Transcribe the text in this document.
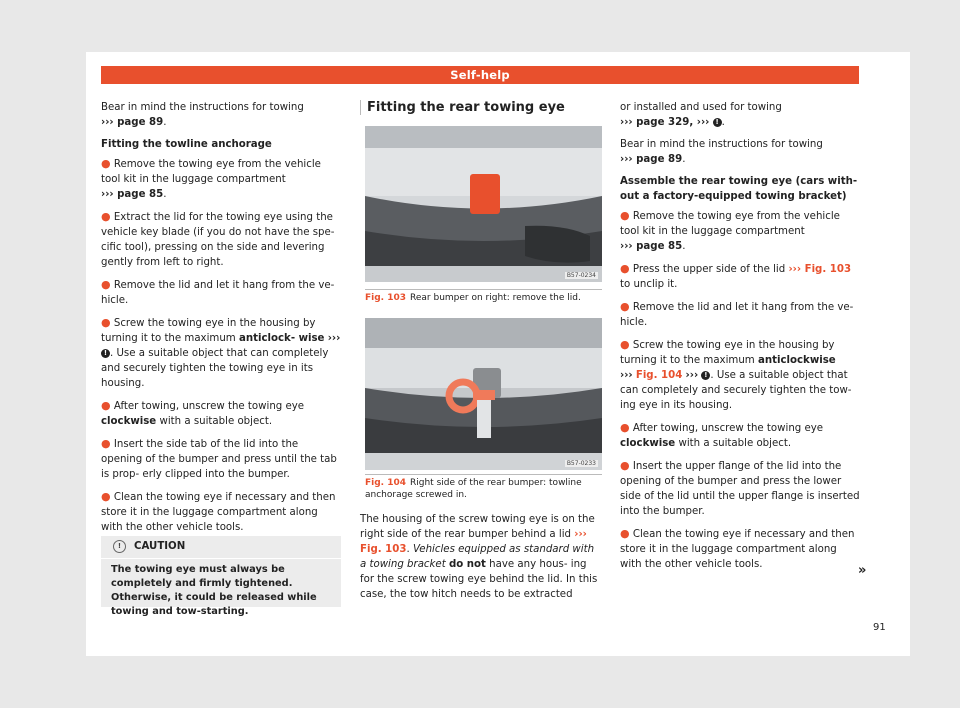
Self-help

Bear in mind the instructions for towing
››› page 89.

Fitting the towline anchorage

● Remove the towing eye from the vehicle tool kit in the luggage compartment
››› page 85.

● Extract the lid for the towing eye using the vehicle key blade (if you do not have the spe- cific tool), pressing on the side and levering gently from left to right.

● Remove the lid and let it hang from the ve- hicle.

● Screw the towing eye in the housing by turning it to the maximum anticlock- wise ››› ! . Use a suitable object that can completely and securely tighten the towing eye in its housing.

● After towing, unscrew the towing eye clockwise with a suitable object.

● Insert the side tab of the lid into the opening of the bumper and press until the tab is prop- erly clipped into the bumper.

● Clean the towing eye if necessary and then store it in the luggage compartment along with the other vehicle tools.

! CAUTION
The towing eye must always be completely and firmly tightened. Otherwise, it could be released while towing and tow-starting.
Fitting the rear towing eye
B57-0234
Fig. 103 Rear bumper on right: remove the lid.
B57-0233
Fig. 104 Right side of the rear bumper: towline anchorage screwed in.

The housing of the screw towing eye is on the right side of the rear bumper behind a lid ››› Fig. 103. Vehicles equipped as standard with a towing bracket do not have any hous- ing for the screw towing eye behind the lid. In this case, the tow hitch needs to be extracted

or installed and used for towing
››› page 329, ››› ! .

Bear in mind the instructions for towing
››› page 89.

Assemble the rear towing eye (cars with- out a factory-equipped towing bracket)

● Remove the towing eye from the vehicle tool kit in the luggage compartment
››› page 85.

● Press the upper side of the lid ››› Fig. 103 to unclip it.

● Remove the lid and let it hang from the ve- hicle.

● Screw the towing eye in the housing by turning it to the maximum anticlockwise
››› Fig. 104 ››› ! . Use a suitable object that can completely and securely tighten the tow- ing eye in its housing.

● After towing, unscrew the towing eye clockwise with a suitable object.

● Insert the upper flange of the lid into the opening of the bumper and press the lower side of the lid until the upper flange is inserted into the bumper.

● Clean the towing eye if necessary and then store it in the luggage compartment along with the other vehicle tools.	»
91
